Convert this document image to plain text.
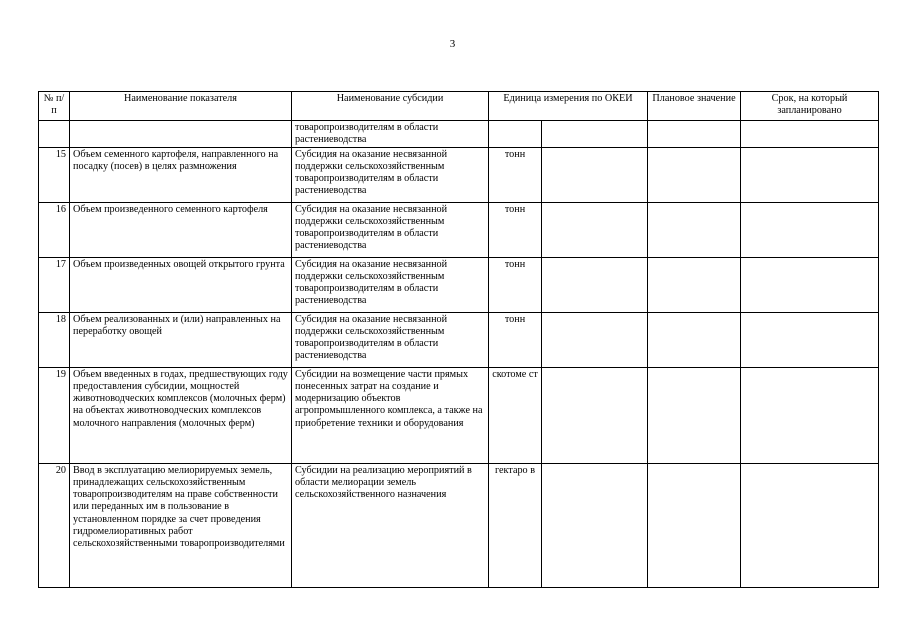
3
№ п/п	Наименование показателя	Наименование субсидии	Единица измерения по ОКЕИ		Плановое значение	Срок, на который запланировано
		товаропроизводителям в области растениеводства				
15	Объем семенного картофеля, направленного на посадку (посев) в целях размножения	Субсидия на оказание несвязанной поддержки сельскохозяйственным товаропроизводителям в области растениеводства	тонн			
16	Объем произведенного семенного картофеля	Субсидия на оказание несвязанной поддержки сельскохозяйственным товаропроизводителям в области растениеводства	тонн			
17	Объем произведенных овощей открытого грунта	Субсидия на оказание несвязанной поддержки сельскохозяйственным товаропроизводителям в области растениеводства	тонн			
18	Объем реализованных и (или) направленных на переработку овощей	Субсидия на оказание несвязанной поддержки сельскохозяйственным товаропроизводителям в области растениеводства	тонн			
19	Объем введенных в годах, предшествующих году предоставления субсидии, мощностей животноводческих комплексов (молочных ферм) на объектах животноводческих комплексов молочного направления (молочных ферм)	Субсидии на возмещение части прямых понесенных затрат на создание и модернизацию объектов агропромышленного комплекса, а также на приобретение техники и оборудования	скотоме ст			
20	Ввод в эксплуатацию мелиорируемых земель, принадлежащих сельскохозяйственным товаропроизводителям на праве собственности или переданных им в пользование в установленном порядке за счет проведения гидромелиоративных работ сельскохозяйственными товаропроизводителями	Субсидии на реализацию мероприятий в области мелиорации земель сельскохозяйственного назначения	гектаро в			
